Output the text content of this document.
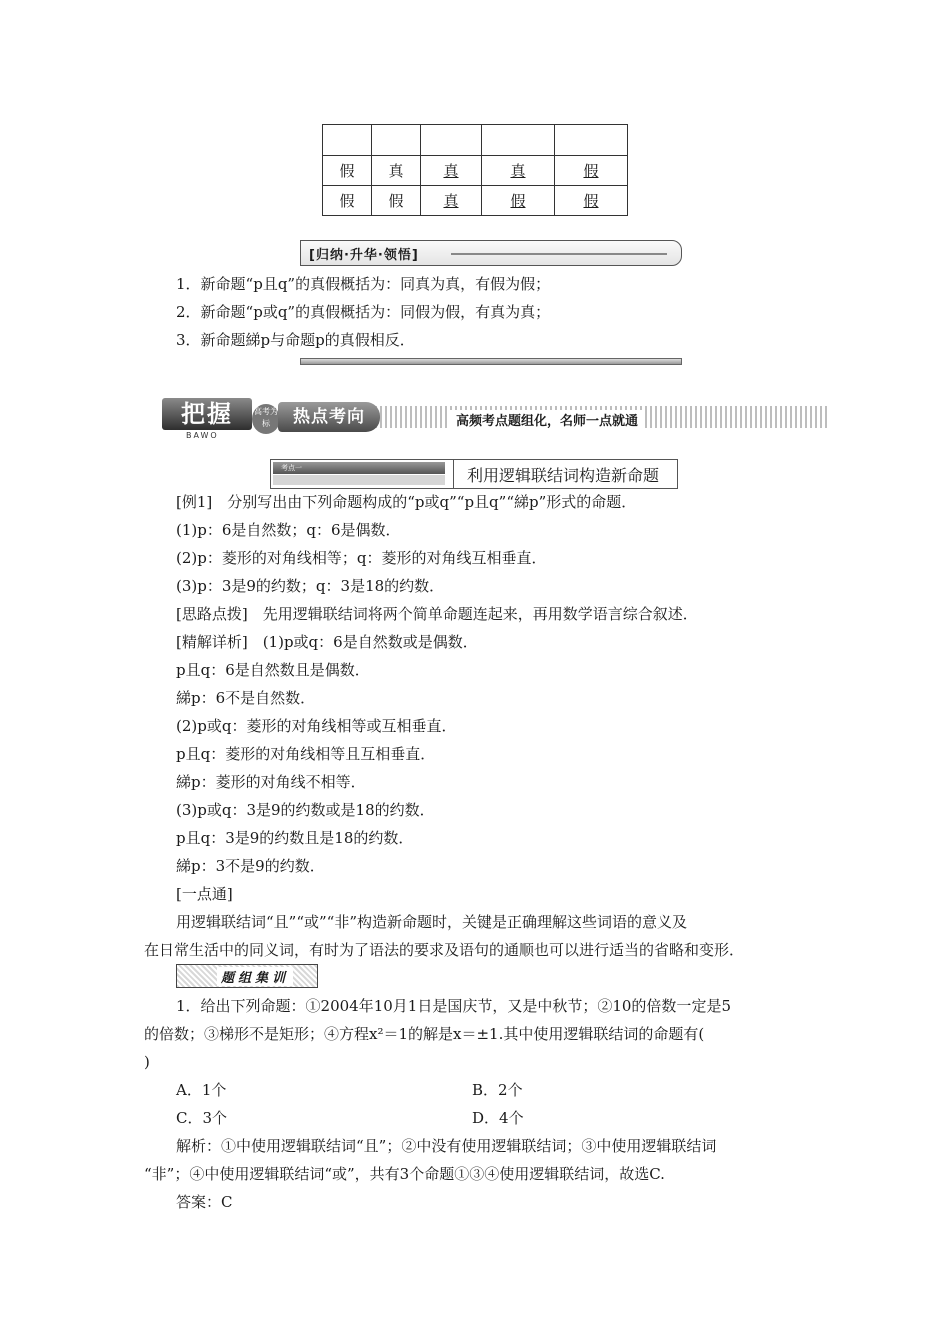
假	真	真	真	假
假	假	真	假	假
[归纳·升华·领悟]
1．新命题“p且q”的真假概括为：同真为真，有假为假；
2．新命题“p或q”的真假概括为：同假为假，有真为真；
3．新命题綈p与命题p的真假相反．
把握	高考为标	热点考向
BAWO
高频考点题组化，名师一点就通
考点一	利用逻辑联结词构造新命题
[例1]　分别写出由下列命题构成的“p或q”“p且q”“綈p”形式的命题．
(1)p：6是自然数；q：6是偶数．
(2)p：菱形的对角线相等；q：菱形的对角线互相垂直．
(3)p：3是9的约数；q：3是18的约数．
[思路点拨]　先用逻辑联结词将两个简单命题连起来，再用数学语言综合叙述．
[精解详析]　(1)p或q：6是自然数或是偶数．
p且q：6是自然数且是偶数．
綈p：6不是自然数．
(2)p或q：菱形的对角线相等或互相垂直．
p且q：菱形的对角线相等且互相垂直．
綈p：菱形的对角线不相等．
(3)p或q：3是9的约数或是18的约数．
p且q：3是9的约数且是18的约数．
綈p：3不是9的约数．
[一点通]
用逻辑联结词“且”“或”“非”构造新命题时，关键是正确理解这些词语的意义及
在日常生活中的同义词，有时为了语法的要求及语句的通顺也可以进行适当的省略和变形．
题组集训
1．给出下列命题：①2004年10月1日是国庆节，又是中秋节；②10的倍数一定是5
的倍数；③梯形不是矩形；④方程x²＝1的解是x＝±1.其中使用逻辑联结词的命题有(
)
A．1个	B．2个
C．3个	D．4个
解析：①中使用逻辑联结词“且”；②中没有使用逻辑联结词；③中使用逻辑联结词
“非”；④中使用逻辑联结词“或”，共有3个命题①③④使用逻辑联结词，故选C.
答案：C
